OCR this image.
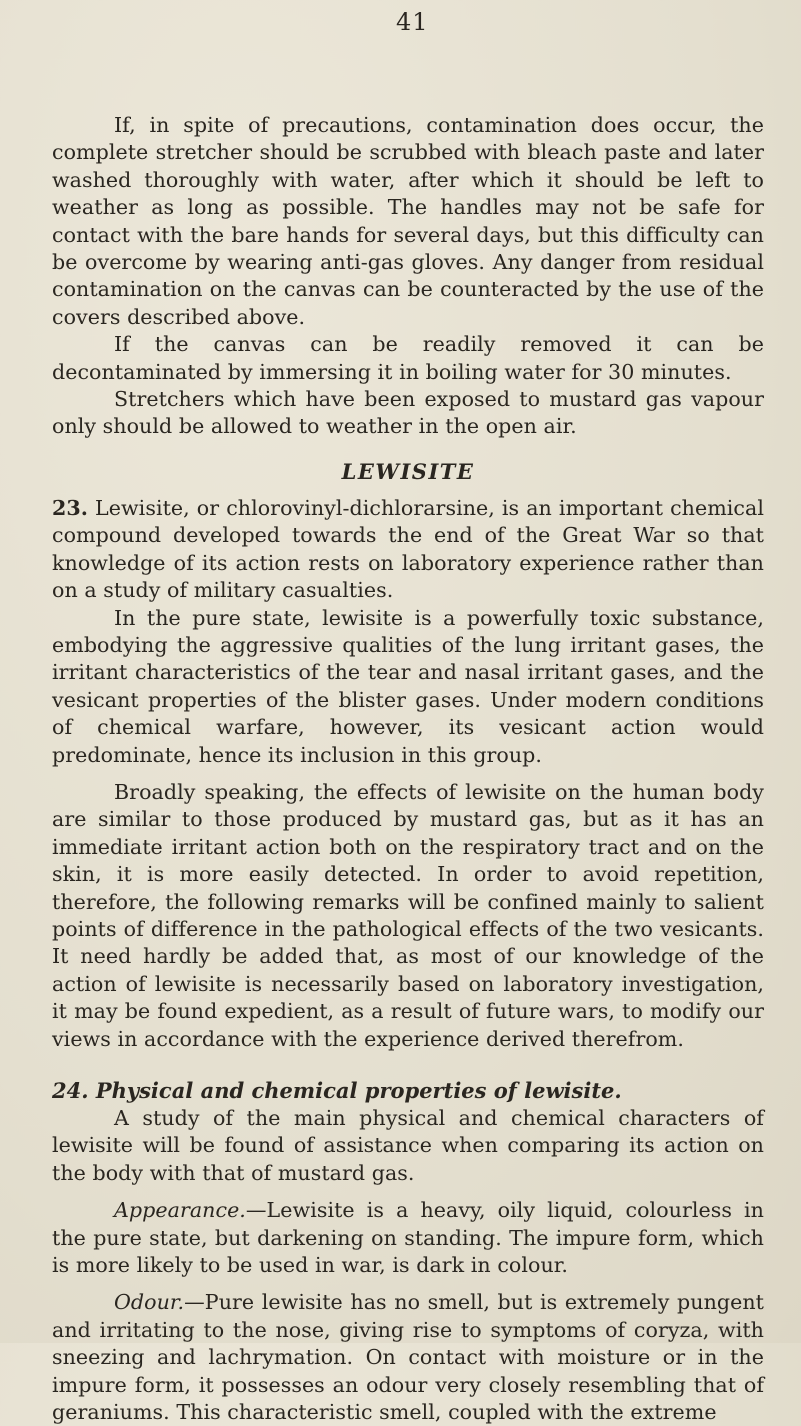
41

If, in spite of precautions, contamination does occur, the complete stretcher should be scrubbed with bleach paste and later washed thoroughly with water, after which it should be left to weather as long as possible. The handles may not be safe for contact with the bare hands for several days, but this difficulty can be overcome by wearing anti-gas gloves. Any danger from residual contamination on the canvas can be counteracted by the use of the covers described above.

If the canvas can be readily removed it can be decontaminated by immersing it in boiling water for 30 minutes.

Stretchers which have been exposed to mustard gas vapour only should be allowed to weather in the open air.

LEWISITE

23. Lewisite, or chlorovinyl-dichlorarsine, is an important chemical compound developed towards the end of the Great War so that knowledge of its action rests on laboratory experience rather than on a study of military casualties.

In the pure state, lewisite is a powerfully toxic substance, embodying the aggressive qualities of the lung irritant gases, the irritant characteristics of the tear and nasal irritant gases, and the vesicant properties of the blister gases. Under modern conditions of chemical warfare, however, its vesicant action would predominate, hence its inclusion in this group.

Broadly speaking, the effects of lewisite on the human body are similar to those produced by mustard gas, but as it has an immediate irritant action both on the respiratory tract and on the skin, it is more easily detected. In order to avoid repetition, therefore, the following remarks will be confined mainly to salient points of difference in the pathological effects of the two vesicants. It need hardly be added that, as most of our knowledge of the action of lewisite is necessarily based on laboratory investigation, it may be found expedient, as a result of future wars, to modify our views in accordance with the experience derived therefrom.

24. Physical and chemical properties of lewisite.

A study of the main physical and chemical characters of lewisite will be found of assistance when comparing its action on the body with that of mustard gas.

Appearance.—Lewisite is a heavy, oily liquid, colourless in the pure state, but darkening on standing. The impure form, which is more likely to be used in war, is dark in colour.

Odour.—Pure lewisite has no smell, but is extremely pungent and irritating to the nose, giving rise to symptoms of coryza, with sneezing and lachrymation. On contact with moisture or in the impure form, it possesses an odour very closely resembling that of geraniums. This characteristic smell, coupled with the extreme
